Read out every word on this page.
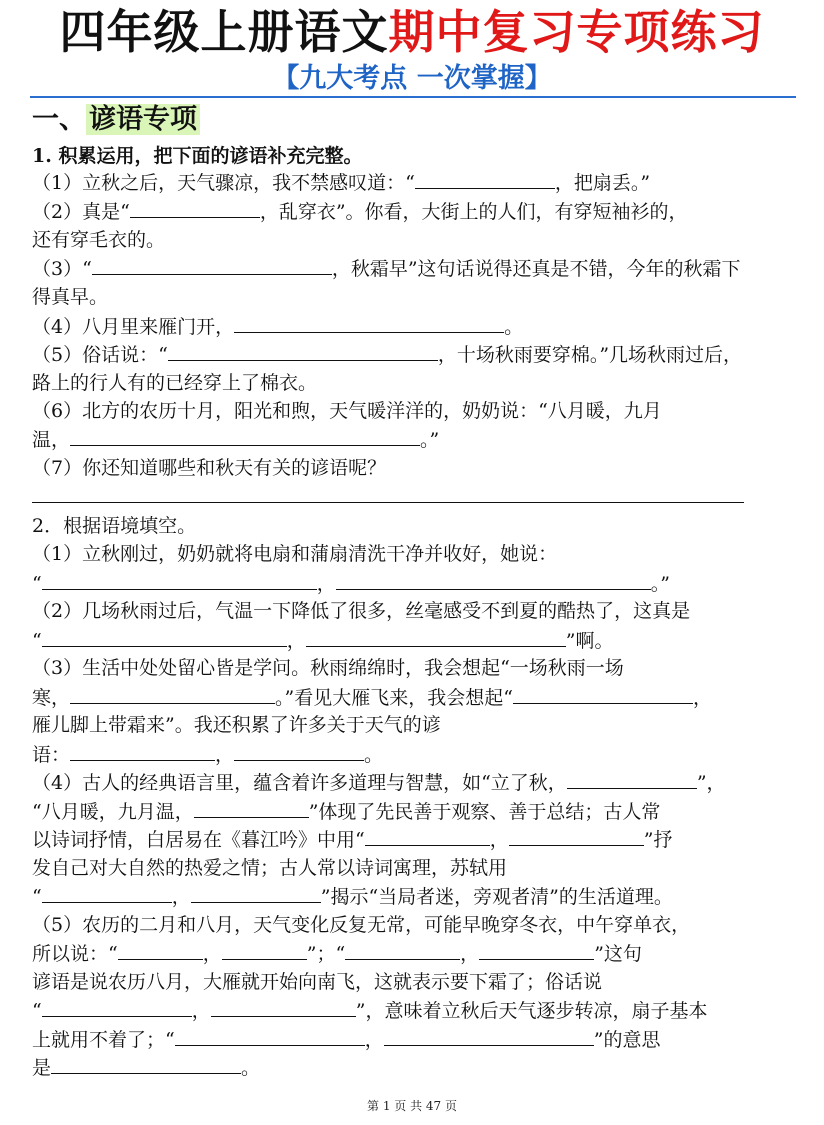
四年级上册语文期中复习专项练习
【九大考点 一次掌握】
一、 谚语专项
1. 积累运用，把下面的谚语补充完整。
（1）立秋之后，天气骤凉，我不禁感叹道：“	，把扇丢。”
（2）真是“	，乱穿衣”。你看，大街上的人们，有穿短袖衫的，
还有穿毛衣的。
（3）“	，秋霜早”这句话说得还真是不错，今年的秋霜下
得真早。
（4）八月里来雁门开，	。
（5）俗话说：“	，十场秋雨要穿棉。”几场秋雨过后，
路上的行人有的已经穿上了棉衣。
（6）北方的农历十月，阳光和煦，天气暖洋洋的，奶奶说：“八月暖，九月
温，	。”
（7）你还知道哪些和秋天有关的谚语呢？
2．根据语境填空。
（1）立秋刚过，奶奶就将电扇和蒲扇清洗干净并收好，她说：
“	，	。”
（2）几场秋雨过后，气温一下降低了很多，丝毫感受不到夏的酷热了，这真是
“	，	”啊。
（3）生活中处处留心皆是学问。秋雨绵绵时，我会想起“一场秋雨一场
寒，	。”看见大雁飞来，我会想起“	，
雁儿脚上带霜来”。我还积累了许多关于天气的谚
语：	，	。
（4）古人的经典语言里，蕴含着许多道理与智慧，如“立了秋，	”，
“八月暖，九月温，	”体现了先民善于观察、善于总结；古人常
以诗词抒情，白居易在《暮江吟》中用“	，	”抒
发自己对大自然的热爱之情；古人常以诗词寓理，苏轼用
“	，	”揭示“当局者迷，旁观者清”的生活道理。
（5）农历的二月和八月，天气变化反复无常，可能早晚穿冬衣，中午穿单衣，
所以说：“	，	”；“	，	”这句
谚语是说农历八月，大雁就开始向南飞，这就表示要下霜了；俗话说
“	，	”，意味着立秋后天气逐步转凉，扇子基本
上就用不着了；“	，	”的意思
是	。
第 1 页 共 47 页
